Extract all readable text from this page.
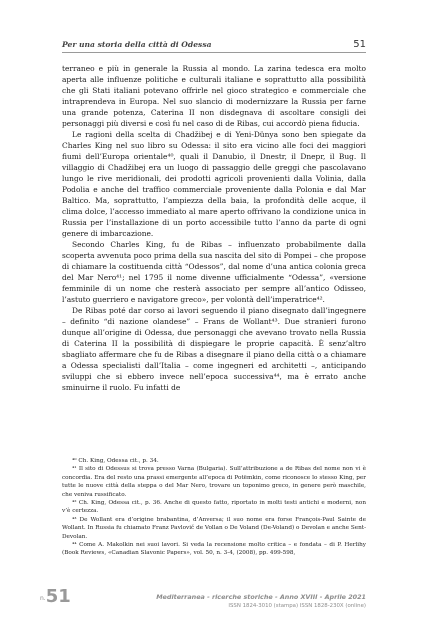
Per una storia della città di Odessa	51

terraneo e più in generale la Russia al mondo. La zarina tedesca era molto aperta alle influenze politiche e culturali italiane e soprattutto alla possibilità che gli Stati italiani potevano offrirle nel gioco strategico e commerciale che intraprendeva in Europa. Nel suo slancio di modernizzare la Russia per farne una grande potenza, Caterina II non disdegnava di ascoltare consigli dei personaggi più diversi e così fu nel caso di de Ribas, cui accordò piena fiducia.

Le ragioni della scelta di Chadžibej e di Yeni-Dünya sono ben spiegate da Charles King nel suo libro su Odessa: il sito era vicino alle foci dei maggiori fiumi dell’Europa orientale⁴⁰, quali il Danubio, il Dnestr, il Dnepr, il Bug. Il villaggio di Chadžibej era un luogo di passaggio delle greggi che pascolavano lungo le rive meridionali, dei prodotti agricoli provenienti dalla Volinia, dalla Podolia e anche del traffico commerciale proveniente dalla Polonia e dal Mar Baltico. Ma, soprattutto, l’ampiezza della baia, la profondità delle acque, il clima dolce, l’accesso immediato al mare aperto offrivano la condizione unica in Russia per l’installazione di un porto accessibile tutto l’anno da parte di ogni genere di imbarcazione.

Secondo Charles King, fu de Ribas – influenzato probabilmente dalla scoperta avvenuta poco prima della sua nascita del sito di Pompei – che propose di chiamare la costituenda città “Odessos”, dal nome d’una antica colonia greca del Mar Nero⁴¹; nel 1795 il nome divenne ufficialmente “Odessa”, «versione femminile di un nome che resterà associato per sempre all’antico Odisseo, l’astuto guerriero e navigatore greco», per volontà dell’imperatrice⁴².

De Ribas poté dar corso ai lavori seguendo il piano disegnato dall’ingegnere – definito “di nazione olandese” – Frans de Wollant⁴³. Due stranieri furono dunque all’origine di Odessa, due personaggi che avevano trovato nella Russia di Caterina II la possibilità di dispiegare le proprie capacità. È senz’altro sbagliato affermare che fu de Ribas a disegnare il piano della città o a chiamare a Odessa specialisti dall’Italia – come ingegneri ed architetti –, anticipando sviluppi che si ebbero invece nell’epoca successiva⁴⁴, ma è errato anche sminuirne il ruolo. Fu infatti de

⁴⁰ Ch. King, Odessa cit., p. 34.

⁴¹ Il sito di Odessus si trova presso Varna (Bulgaria). Sull’attribuzione a de Ribas del nome non vi è concordia. Era del resto una prassi emergente all’epoca di Potëmkin, come riconosce lo stesso King, per tutte le nuove città della steppa o del Mar Nero, trovare un toponimo greco, in genere però maschile, che veniva russificato.

⁴² Ch. King, Odessa cit., p. 36. Anche di questo fatto, riportato in molti testi antichi e moderni, non v’è certezza.

⁴³ De Wollant era d’origine brabantina, d’Anversa; il suo nome era forse François-Paul Sainte de Wollant. In Russia fu chiamato Franz Pavlovič de Vollan o De Voland (De-Voland) o Devolan e anche Sent-Devolan.

⁴⁴ Come A. Makolkin nei suoi lavori. Si veda la recensione molto critica – e fondata – di P. Herlihy (Book Reviews, «Canadian Slavonic Papers», vol. 50, n. 3-4, (2008), pp. 499-598,

n.51	Mediterranea - ricerche storiche - Anno XVIII - Aprile 2021
ISSN 1824-3010 (stampa) ISSN 1828-230X (online)
